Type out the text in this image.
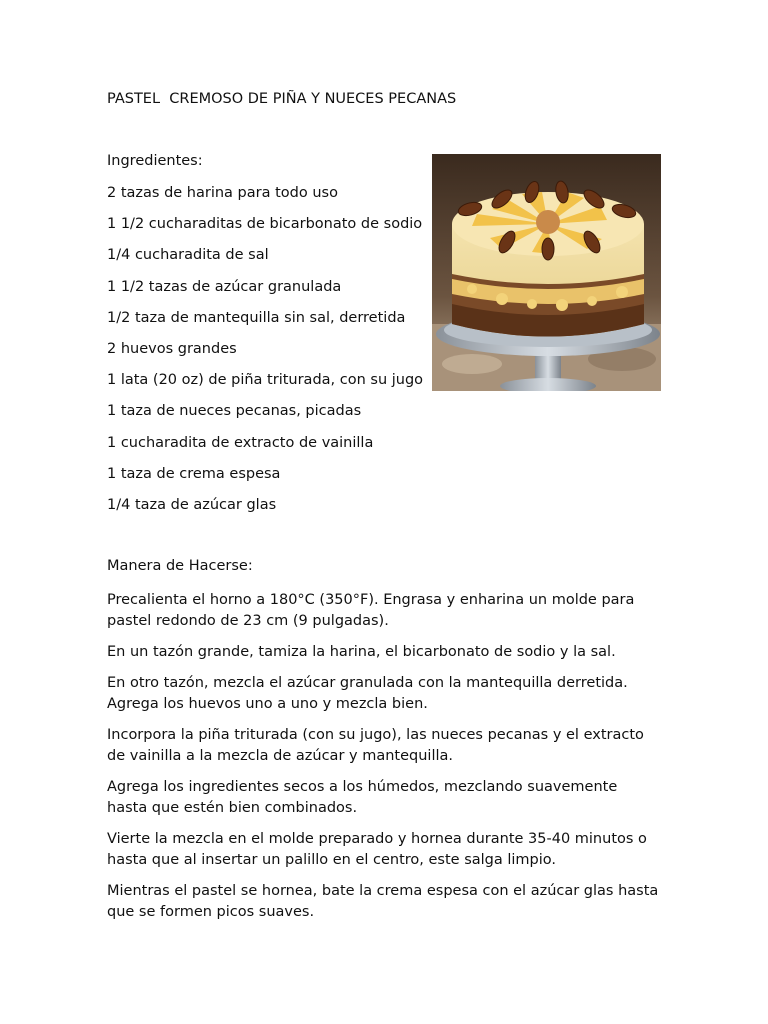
PASTEL  CREMOSO DE PIÑA Y NUECES PECANAS
Ingredientes:
2 tazas de harina para todo uso
1 1/2 cucharaditas de bicarbonato de sodio
1/4 cucharadita de sal
1 1/2 tazas de azúcar granulada
1/2 taza de mantequilla sin sal, derretida
2 huevos grandes
1 lata (20 oz) de piña triturada, con su jugo
1 taza de nueces pecanas, picadas
1 cucharadita de extracto de vainilla
1 taza de crema espesa
1/4 taza de azúcar glas
Manera de Hacerse:
Precalienta el horno a 180°C (350°F). Engrasa y enharina un molde para pastel redondo de 23 cm (9 pulgadas).
En un tazón grande, tamiza la harina, el bicarbonato de sodio y la sal.
En otro tazón, mezcla el azúcar granulada con la mantequilla derretida. Agrega los huevos uno a uno y mezcla bien.
Incorpora la piña triturada (con su jugo), las nueces pecanas y el extracto de vainilla a la mezcla de azúcar y mantequilla.
Agrega los ingredientes secos a los húmedos, mezclando suavemente hasta que estén bien combinados.
Vierte la mezcla en el molde preparado y hornea durante 35-40 minutos o hasta que al insertar un palillo en el centro, este salga limpio.
Mientras el pastel se hornea, bate la crema espesa con el azúcar glas hasta que se formen picos suaves.
